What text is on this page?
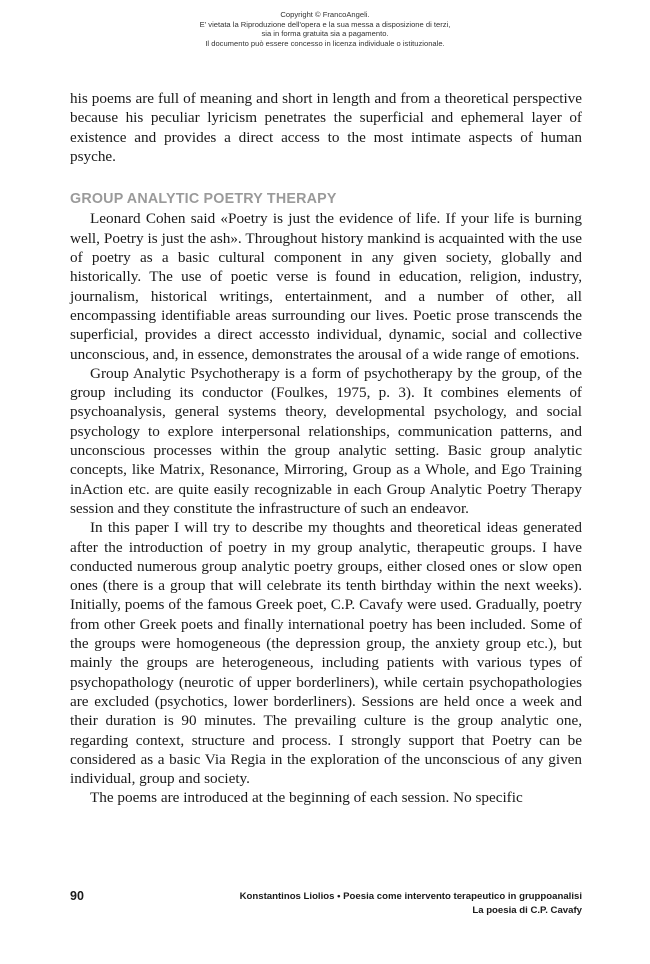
Copyright © FrancoAngeli.
E' vietata la Riproduzione dell'opera e la sua messa a disposizione di terzi,
sia in forma gratuita sia a pagamento.
Il documento può essere concesso in licenza individuale o istituzionale.

his poems are full of meaning and short in length and from a theoretical perspective because his peculiar lyricism penetrates the superficial and ephemeral layer of existence and provides a direct access to the most intimate aspects of human psyche.

GROUP ANALYTIC POETRY THERAPY

Leonard Cohen said «Poetry is just the evidence of life. If your life is burning well, Poetry is just the ash». Throughout history mankind is acquainted with the use of poetry as a basic cultural component in any given society, globally and historically. The use of poetic verse is found in education, religion, industry, journalism, historical writings, entertainment, and a number of other, all encompassing identifiable areas surrounding our lives. Poetic prose transcends the superficial, provides a direct accessto individual, dynamic, social and collective unconscious, and, in essence, demonstrates the arousal of a wide range of emotions.

Group Analytic Psychotherapy is a form of psychotherapy by the group, of the group including its conductor (Foulkes, 1975, p. 3). It combines elements of psychoanalysis, general systems theory, developmental psychology, and social psychology to explore interpersonal relationships, communication patterns, and unconscious processes within the group analytic setting. Basic group analytic concepts, like Matrix, Resonance, Mirroring, Group as a Whole, and Ego Training inAction etc. are quite easily recognizable in each Group Analytic Poetry Therapy session and they constitute the infrastructure of such an endeavor.

In this paper I will try to describe my thoughts and theoretical ideas generated after the introduction of poetry in my group analytic, therapeutic groups. I have conducted numerous group analytic poetry groups, either closed ones or slow open ones (there is a group that will celebrate its tenth birthday within the next weeks). Initially, poems of the famous Greek poet, C.P. Cavafy were used. Gradually, poetry from other Greek poets and finally international poetry has been included. Some of the groups were homogeneous (the depression group, the anxiety group etc.), but mainly the groups are heterogeneous, including patients with various types of psychopathology (neurotic of upper borderliners), while certain psychopathologies are excluded (psychotics, lower borderliners). Sessions are held once a week and their duration is 90 minutes. The prevailing culture is the group analytic one, regarding context, structure and process. I strongly support that Poetry can be considered as a basic Via Regia in the exploration of the unconscious of any given individual, group and society.

The poems are introduced at the beginning of each session. No specific

90	Konstantinos Liolios • Poesia come intervento terapeutico in gruppoanalisi
La poesia di C.P. Cavafy
